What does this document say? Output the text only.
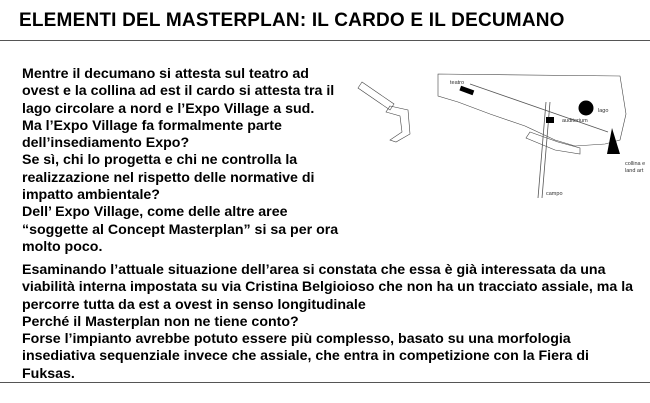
ELEMENTI DEL MASTERPLAN: IL CARDO E IL DECUMANO
Mentre il decumano si attesta sul teatro ad
ovest e la collina ad est il cardo si attesta tra il
lago circolare a nord e l’Expo Village a sud.
Ma l’Expo Village fa formalmente parte
dell’insediamento Expo?
Se sì, chi lo progetta e chi ne controlla la
realizzazione nel rispetto delle normative di
impatto ambientale?
Dell’ Expo Village, come delle altre aree
“soggette al Concept Masterplan” si sa per ora
molto poco.
teatro
lago
auditorium
collina e
land art
campo
Esaminando l’attuale situazione dell’area si constata che essa è già interessata da una
viabilità interna impostata su via Cristina Belgioioso che non ha un tracciato assiale, ma la
percorre tutta da est a ovest in senso longitudinale
Perché il Masterplan non ne tiene conto?
Forse l’impianto avrebbe potuto essere più complesso, basato su una morfologia
insediativa sequenziale invece che assiale, che entra in competizione con la Fiera di
Fuksas.
